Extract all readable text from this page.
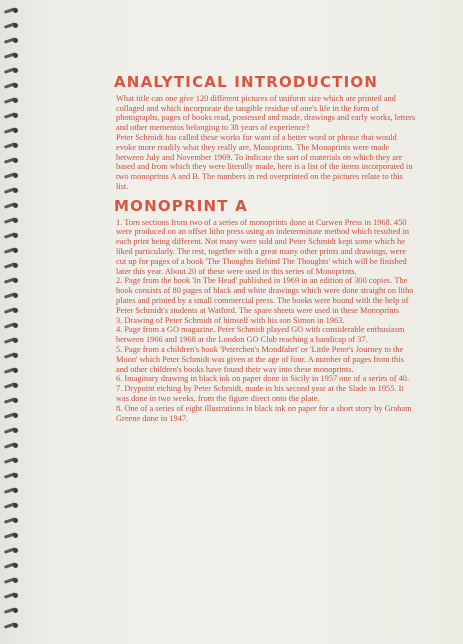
ANALYTICAL INTRODUCTION

What title can one give 120 different pictures of uniform size which are printed and collaged and which incorporate the tangible residue of one's life in the form of photographs, pages of books read, possessed and made, drawings and early works, letters and other mementos belonging to 38 years of experience?

Peter Schmidt has called these works for want of a better word or phrase that would evoke more readily what they really are, Monoprints. The Monoprints were made between July and November 1969. To indicate the sort of materials on which they are based and from which they were literally made, here is a list of the items incorporated in two monoprints A and B. The numbers in red overprinted on the pictures relate to this list.

MONOPRINT A

1. Torn sections from two of a series of monoprints done at Curwen Press in 1968. 450 were produced on an offset litho press using an indeterminate method which resulted in each print being different. Not many were sold and Peter Schmidt kept some which he liked particularly. The rest, together with a great many other prints and drawings, were cut up for pages of a book 'The Thoughts Behind The Thoughts' which will be finished later this year. About 20 of these were used in this series of Monoprints.

2. Page from the book 'In The Head' published in 1969 in an edition of 300 copies. The book consists of 80 pages of black and white drawings which were done straight on litho plates and printed by a small commercial press. The books were bound with the help of Peter Schmidt's students at Watford. The spare sheets were used in these Monoprints

3. Drawing of Peter Schmidt of himself with his son Simon in 1963.

4. Page from a GO magazine. Peter Schmidt played GO with considerable enthusiasm between 1966 and 1968 at the London GO Club reaching a handicap of 37.

5. Page from a children's book 'Peterchen's Mondfahrt' or 'Little Peter's Journey to the Moon' which Peter Schmidt was given at the age of four. A number of pages from this and other children's books have found their way into these monoprints.

6. Imaginary drawing in black ink on paper done in Sicily in 1957 one of a series of 40.

7. Drypoint etching by Peter Schmidt, made in his second year at the Slade in 1955. It was done in two weeks, from the figure direct onto the plate.

8. One of a series of eight illustrations in black ink on paper for a short story by Graham Greene done in 1947.
